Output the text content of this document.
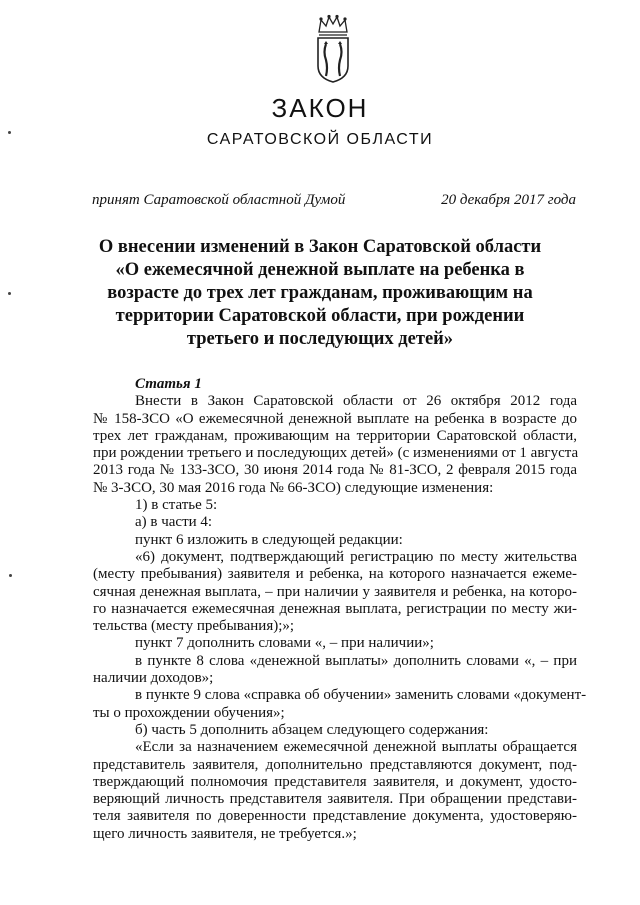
ЗАКОН
САРАТОВСКОЙ ОБЛАСТИ
принят Саратовской областной Думой	20 декабря 2017 года
О внесении изменений в Закон Саратовской области
«О ежемесячной денежной выплате на ребенка в
возрасте до трех лет гражданам, проживающим на
территории Саратовской области, при рождении
третьего и последующих детей»
Статья 1
Внести в Закон Саратовской области от 26 октября 2012 года
№ 158-ЗСО «О ежемесячной денежной выплате на ребенка в возрасте до
трех лет гражданам, проживающим на территории Саратовской области,
при рождении третьего и последующих детей» (с изменениями от 1 августа
2013 года № 133-ЗСО, 30 июня 2014 года № 81-ЗСО, 2 февраля 2015 года
№ 3-ЗСО, 30 мая 2016 года № 66-ЗСО) следующие изменения:
1) в статье 5:
а) в части 4:
пункт 6 изложить в следующей редакции:
«6) документ, подтверждающий регистрацию по месту жительства
(месту пребывания) заявителя и ребенка, на которого назначается ежеме-
сячная денежная выплата, – при наличии у заявителя и ребенка, на которо-
го назначается ежемесячная денежная выплата, регистрации по месту жи-
тельства (месту пребывания);»;
пункт 7 дополнить словами «, – при наличии»;
в пункте 8 слова «денежной выплаты» дополнить словами «, – при
наличии доходов»;
в пункте 9 слова «справка об обучении» заменить словами «документ-
ты о прохождении обучения»;
б) часть 5 дополнить абзацем следующего содержания:
«Если за назначением ежемесячной денежной выплаты обращается
представитель заявителя, дополнительно представляются документ, под-
тверждающий полномочия представителя заявителя, и документ, удосто-
веряющий личность представителя заявителя. При обращении представи-
теля заявителя по доверенности представление документа, удостоверяю-
щего личность заявителя, не требуется.»;
